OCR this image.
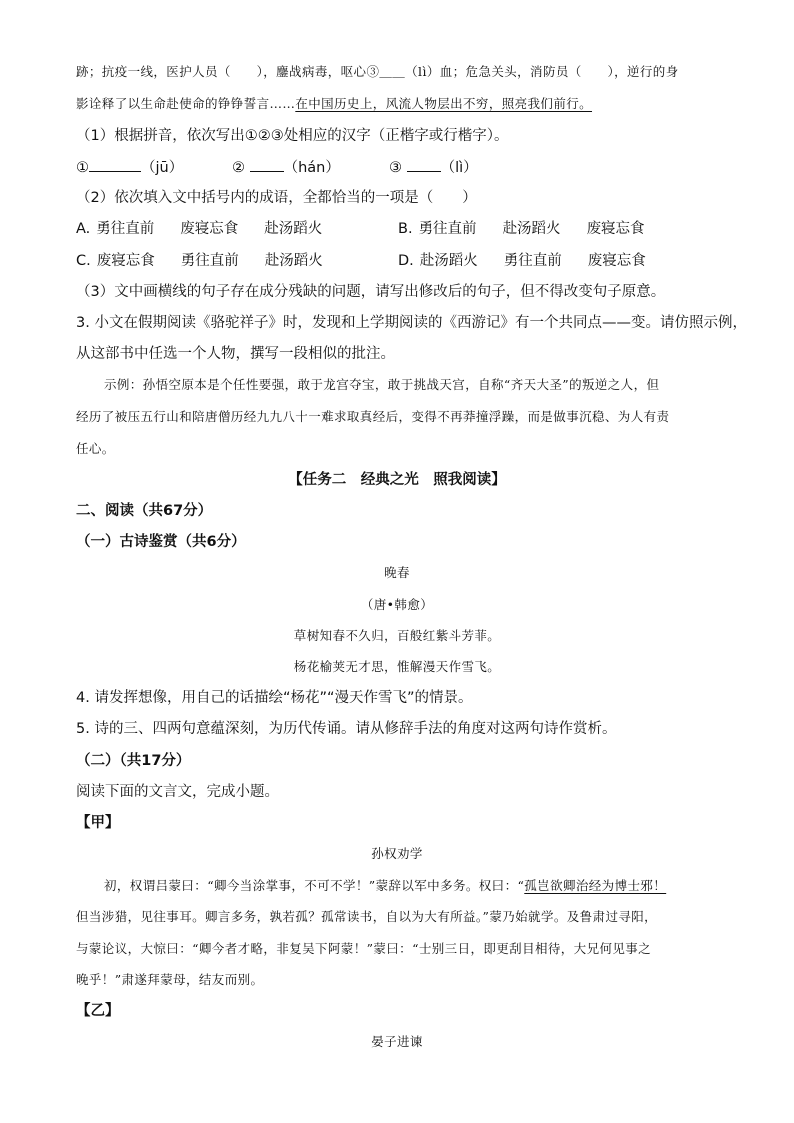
跡；抗疫一线，医护人员（　　），鏖战病毒，呕心③＿＿（lì）血；危急关头，消防员（　　），逆行的身
影诠释了以生命赴使命的铮铮誓言……在中国历史上，风流人物层出不穷，照亮我们前行。
（1）根据拼音，依次写出①②③处相应的汉字（正楷字或行楷字）。
①	（jū）	②	（hán）	③	（lì）
（2）依次填入文中括号内的成语，全都恰当的一项是（　　）
A. 勇往直前 废寝忘食 赴汤蹈火	B. 勇往直前 赴汤蹈火 废寝忘食
C. 废寝忘食 勇往直前 赴汤蹈火	D. 赴汤蹈火 勇往直前 废寝忘食
（3）文中画横线的句子存在成分残缺的问题，请写出修改后的句子，但不得改变句子原意。
3. 小文在假期阅读《骆驼祥子》时，发现和上学期阅读的《西游记》有一个共同点——变。请仿照示例，
从这部书中任选一个人物，撰写一段相似的批注。
示例：孙悟空原本是个任性要强，敢于龙宫夺宝，敢于挑战天宫，自称“齐天大圣”的叛逆之人，但
经历了被压五行山和陪唐僧历经九九八十一难求取真经后，变得不再莽撞浮躁，而是做事沉稳、为人有责
任心。
【任务二　经典之光　照我阅读】
二、阅读（共67分）
（一）古诗鉴赏（共6分）
晚春
（唐•韩愈）
草树知春不久归，百般红紫斗芳菲。
杨花榆荚无才思，惟解漫天作雪飞。
4. 请发挥想像，用自己的话描绘“杨花”“漫天作雪飞”的情景。
5. 诗的三、四两句意蕴深刻，为历代传诵。请从修辞手法的角度对这两句诗作赏析。
（二）（共17分）
阅读下面的文言文，完成小题。
【甲】
孙权劝学
初，权谓吕蒙曰：“卿今当涂掌事，不可不学！”蒙辞以军中多务。权曰：“孤岂欲卿治经为博士邪！
但当涉猎，见往事耳。卿言多务，孰若孤？孤常读书，自以为大有所益。”蒙乃始就学。及鲁肃过寻阳，
与蒙论议，大惊曰：“卿今者才略，非复吴下阿蒙！”蒙曰：“士别三日，即更刮目相待，大兄何见事之
晚乎！”肃遂拜蒙母，结友而别。
【乙】
晏子进谏
